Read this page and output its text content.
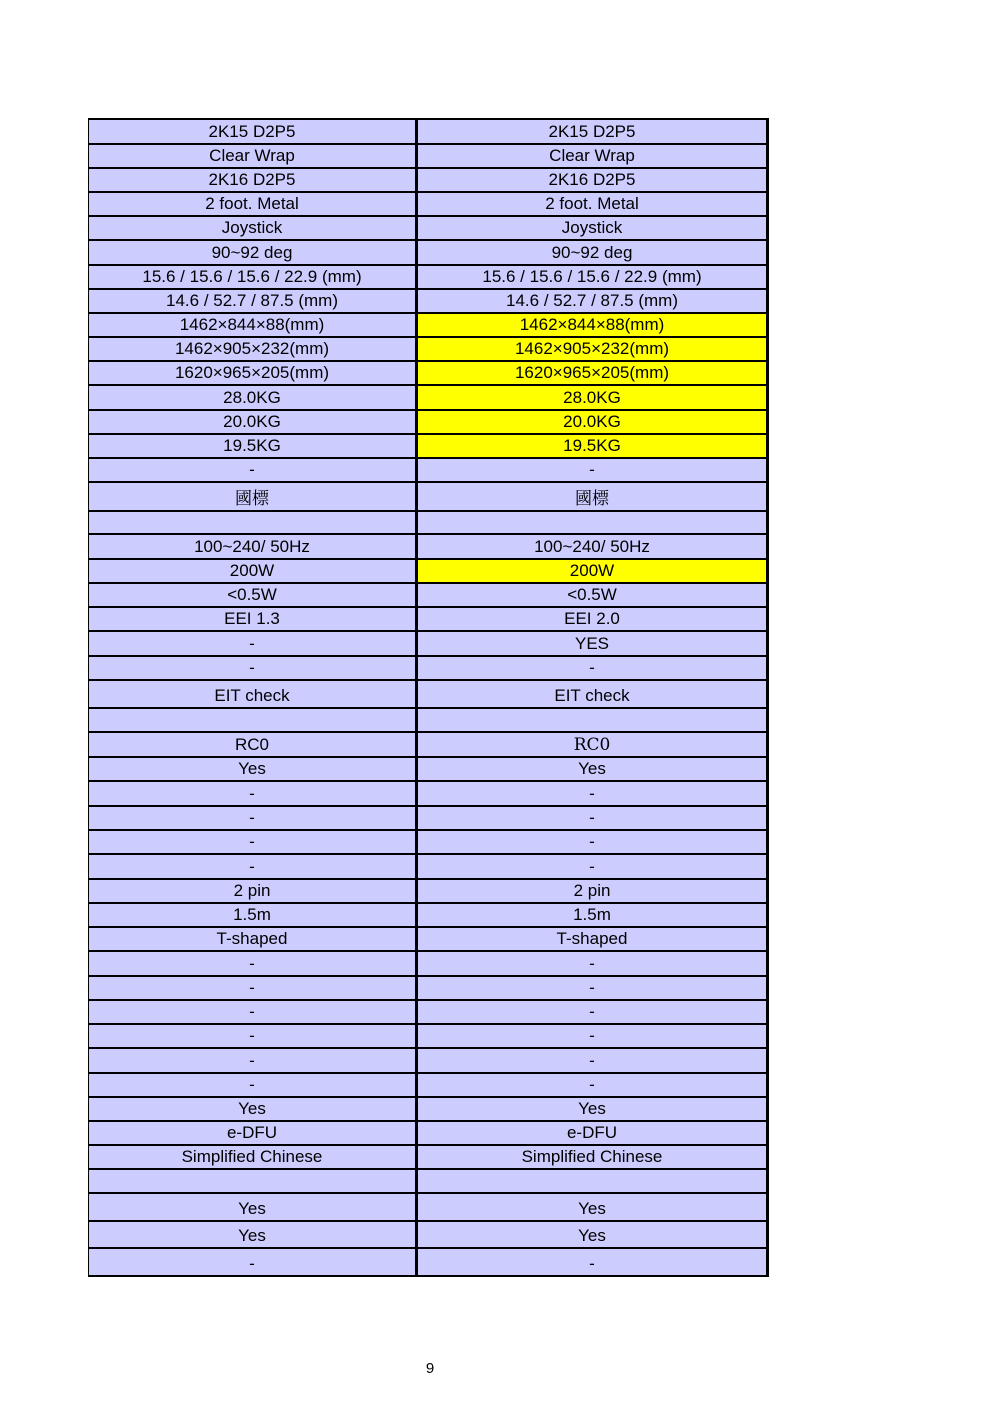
2K15 D2P5	2K15 D2P5
Clear Wrap	Clear Wrap
2K16 D2P5	2K16 D2P5
2 foot. Metal	2 foot. Metal
Joystick	Joystick
90~92 deg	90~92 deg
15.6 / 15.6 / 15.6 / 22.9 (mm)	15.6 / 15.6 / 15.6 / 22.9 (mm)
14.6 / 52.7 / 87.5 (mm)	14.6 / 52.7 / 87.5 (mm)
1462×844×88(mm)	1462×844×88(mm)
1462×905×232(mm)	1462×905×232(mm)
1620×965×205(mm)	1620×965×205(mm)
28.0KG	28.0KG
20.0KG	20.0KG
19.5KG	19.5KG
-	-
國標	國標

100~240/ 50Hz	100~240/ 50Hz
200W	200W
<0.5W	<0.5W
EEI 1.3	EEI 2.0
-	YES
-	-
EIT check	EIT check

RC0	RC0
Yes	Yes
-	-
-	-
-	-
-	-
2 pin	2 pin
1.5m	1.5m
T-shaped	T-shaped
-	-
-	-
-	-
-	-
-	-
-	-
Yes	Yes
e-DFU	e-DFU
Simplified Chinese	Simplified Chinese

Yes	Yes
Yes	Yes
-	-
9
